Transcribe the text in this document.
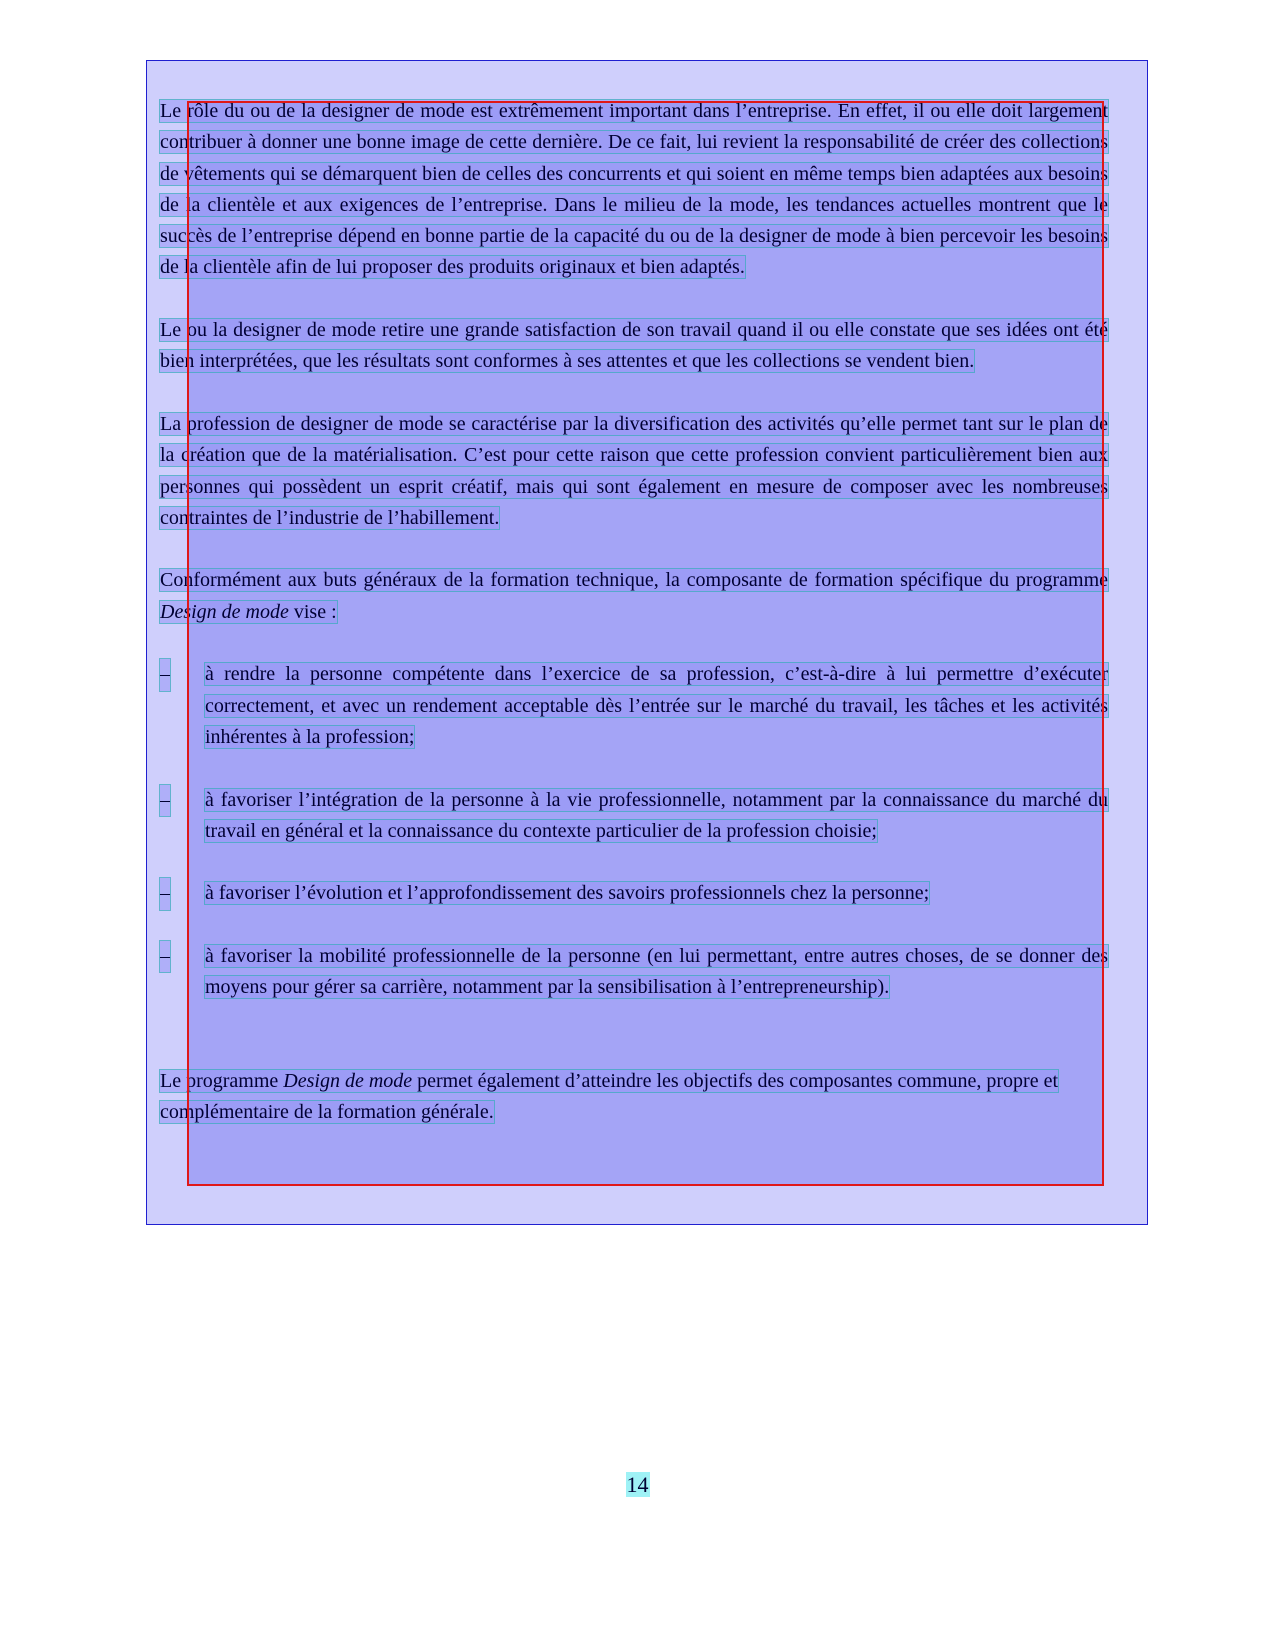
Le rôle du ou de la designer de mode est extrêmement important dans l’entreprise. En effet, il ou elle doit largement contribuer à donner une bonne image de cette dernière. De ce fait, lui revient la responsabilité de créer des collections de vêtements qui se démarquent bien de celles des concurrents et qui soient en même temps bien adaptées aux besoins de la clientèle et aux exigences de l’entreprise. Dans le milieu de la mode, les tendances actuelles montrent que le succès de l’entreprise dépend en bonne partie de la capacité du ou de la designer de mode à bien percevoir les besoins de la clientèle afin de lui proposer des produits originaux et bien adaptés.

Le ou la designer de mode retire une grande satisfaction de son travail quand il ou elle constate que ses idées ont été bien interprétées, que les résultats sont conformes à ses attentes et que les collections se vendent bien.

La profession de designer de mode se caractérise par la diversification des activités qu’elle permet tant sur le plan de la création que de la matérialisation. C’est pour cette raison que cette profession convient particulièrement bien aux personnes qui possèdent un esprit créatif, mais qui sont également en mesure de composer avec les nombreuses contraintes de l’industrie de l’habillement.

Conformément aux buts généraux de la formation technique, la composante de formation spécifique du programme Design de mode vise :

– à rendre la personne compétente dans l’exercice de sa profession, c’est-à-dire à lui permettre d’exécuter correctement, et avec un rendement acceptable dès l’entrée sur le marché du travail, les tâches et les activités inhérentes à la profession;
– à favoriser l’intégration de la personne à la vie professionnelle, notamment par la connaissance du marché du travail en général et la connaissance du contexte particulier de la profession choisie;
– à favoriser l’évolution et l’approfondissement des savoirs professionnels chez la personne;
– à favoriser la mobilité professionnelle de la personne (en lui permettant, entre autres choses, de se donner des moyens pour gérer sa carrière, notamment par la sensibilisation à l’entrepreneurship).

Le programme Design de mode permet également d’atteindre les objectifs des composantes commune, propre et complémentaire de la formation générale.

14
